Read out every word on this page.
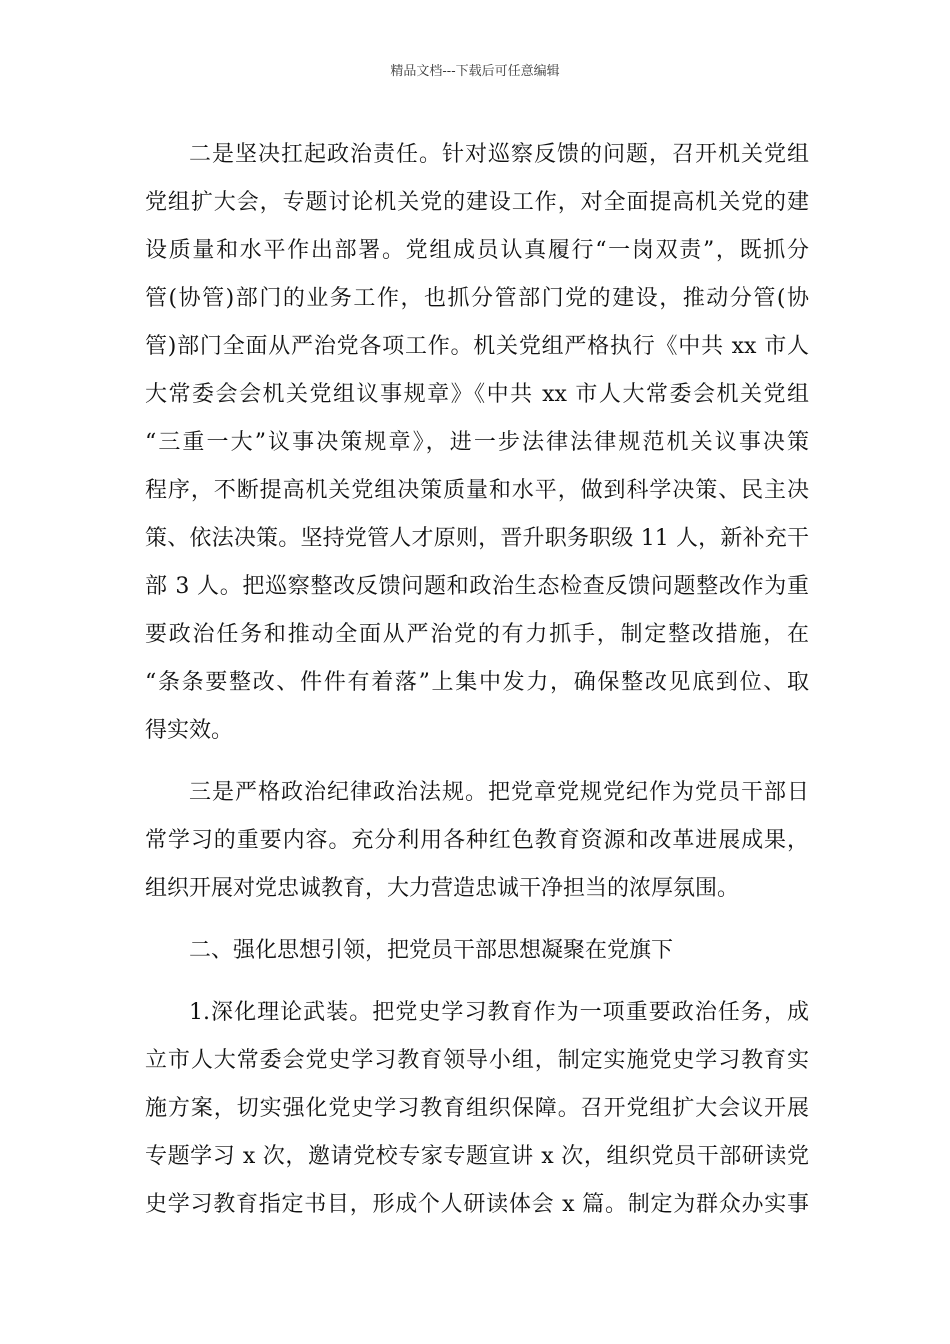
精品文档---下载后可任意编辑
二是坚决扛起政治责任。针对巡察反馈的问题，召开机关党组
党组扩大会，专题讨论机关党的建设工作，对全面提高机关党的建
设质量和水平作出部署。党组成员认真履行“一岗双责”，既抓分
管(协管)部门的业务工作，也抓分管部门党的建设，推动分管(协
管)部门全面从严治党各项工作。机关党组严格执行《中共 xx 市人
大常委会会机关党组议事规章》《中共 xx 市人大常委会机关党组
“三重一大”议事决策规章》，进一步法律法律规范机关议事决策
程序，不断提高机关党组决策质量和水平，做到科学决策、民主决
策、依法决策。坚持党管人才原则，晋升职务职级 11 人，新补充干
部 3 人。把巡察整改反馈问题和政治生态检查反馈问题整改作为重
要政治任务和推动全面从严治党的有力抓手，制定整改措施，在
“条条要整改、件件有着落”上集中发力，确保整改见底到位、取
得实效。
三是严格政治纪律政治法规。把党章党规党纪作为党员干部日
常学习的重要内容。充分利用各种红色教育资源和改革进展成果，
组织开展对党忠诚教育，大力营造忠诚干净担当的浓厚氛围。
二、强化思想引领，把党员干部思想凝聚在党旗下
1.深化理论武装。把党史学习教育作为一项重要政治任务，成
立市人大常委会党史学习教育领导小组，制定实施党史学习教育实
施方案，切实强化党史学习教育组织保障。召开党组扩大会议开展
专题学习 x 次，邀请党校专家专题宣讲 x 次，组织党员干部研读党
史学习教育指定书目，形成个人研读体会 x 篇。制定为群众办实事
